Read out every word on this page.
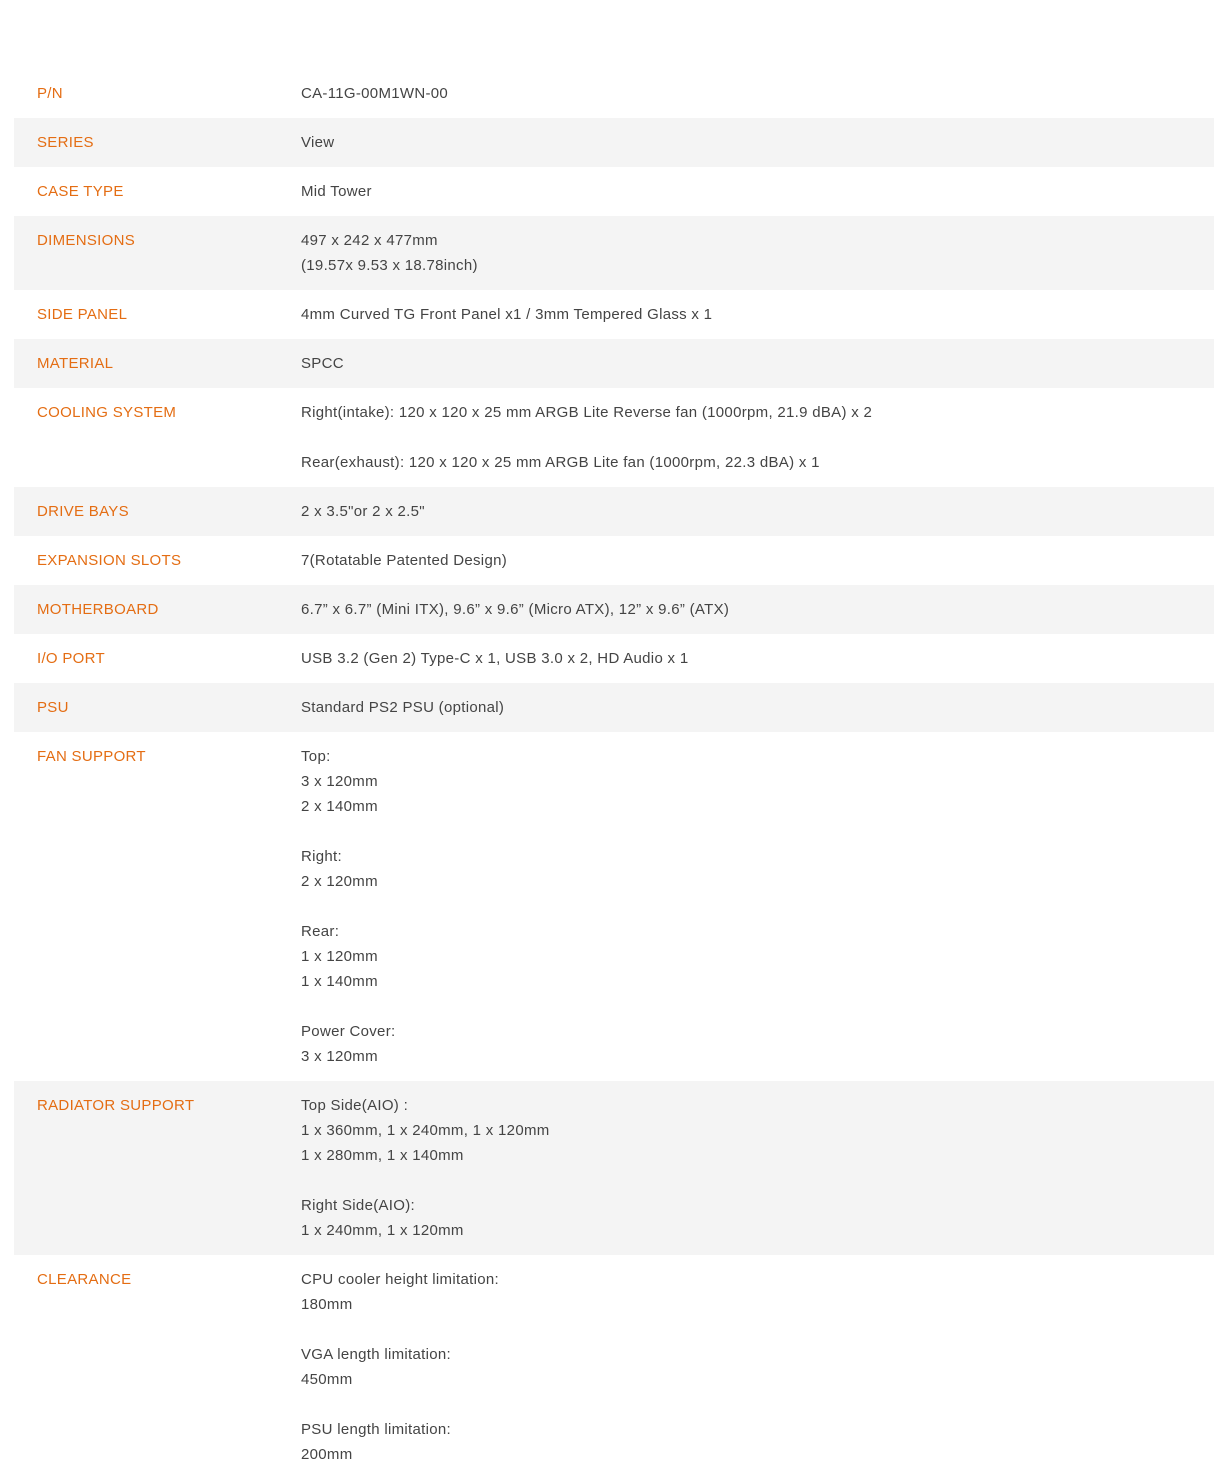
P/N	CA-11G-00M1WN-00
SERIES	View
CASE TYPE	Mid Tower
DIMENSIONS	497 x 242 x 477mm
(19.57x 9.53 x 18.78inch)
SIDE PANEL	4mm Curved TG Front Panel x1 / 3mm Tempered Glass x 1
MATERIAL	SPCC
COOLING SYSTEM	Right(intake): 120 x 120 x 25 mm ARGB Lite Reverse fan (1000rpm, 21.9 dBA) x 2
Rear(exhaust): 120 x 120 x 25 mm ARGB Lite fan (1000rpm, 22.3 dBA) x 1
DRIVE BAYS	2 x 3.5"or 2 x 2.5"
EXPANSION SLOTS	7(Rotatable Patented Design)
MOTHERBOARD	6.7” x 6.7” (Mini ITX), 9.6” x 9.6” (Micro ATX), 12” x 9.6” (ATX)
I/O PORT	USB 3.2 (Gen 2) Type-C x 1, USB 3.0 x 2, HD Audio x 1
PSU	Standard PS2 PSU (optional)
FAN SUPPORT	Top:
3 x 120mm
2 x 140mm
Right:
2 x 120mm
Rear:
1 x 120mm
1 x 140mm
Power Cover:
3 x 120mm
RADIATOR SUPPORT	Top Side(AIO) :
1 x 360mm, 1 x 240mm, 1 x 120mm
1 x 280mm, 1 x 140mm
Right Side(AIO):
1 x 240mm, 1 x 120mm
CLEARANCE	CPU cooler height limitation:
180mm
VGA length limitation:
450mm
PSU length limitation:
200mm
